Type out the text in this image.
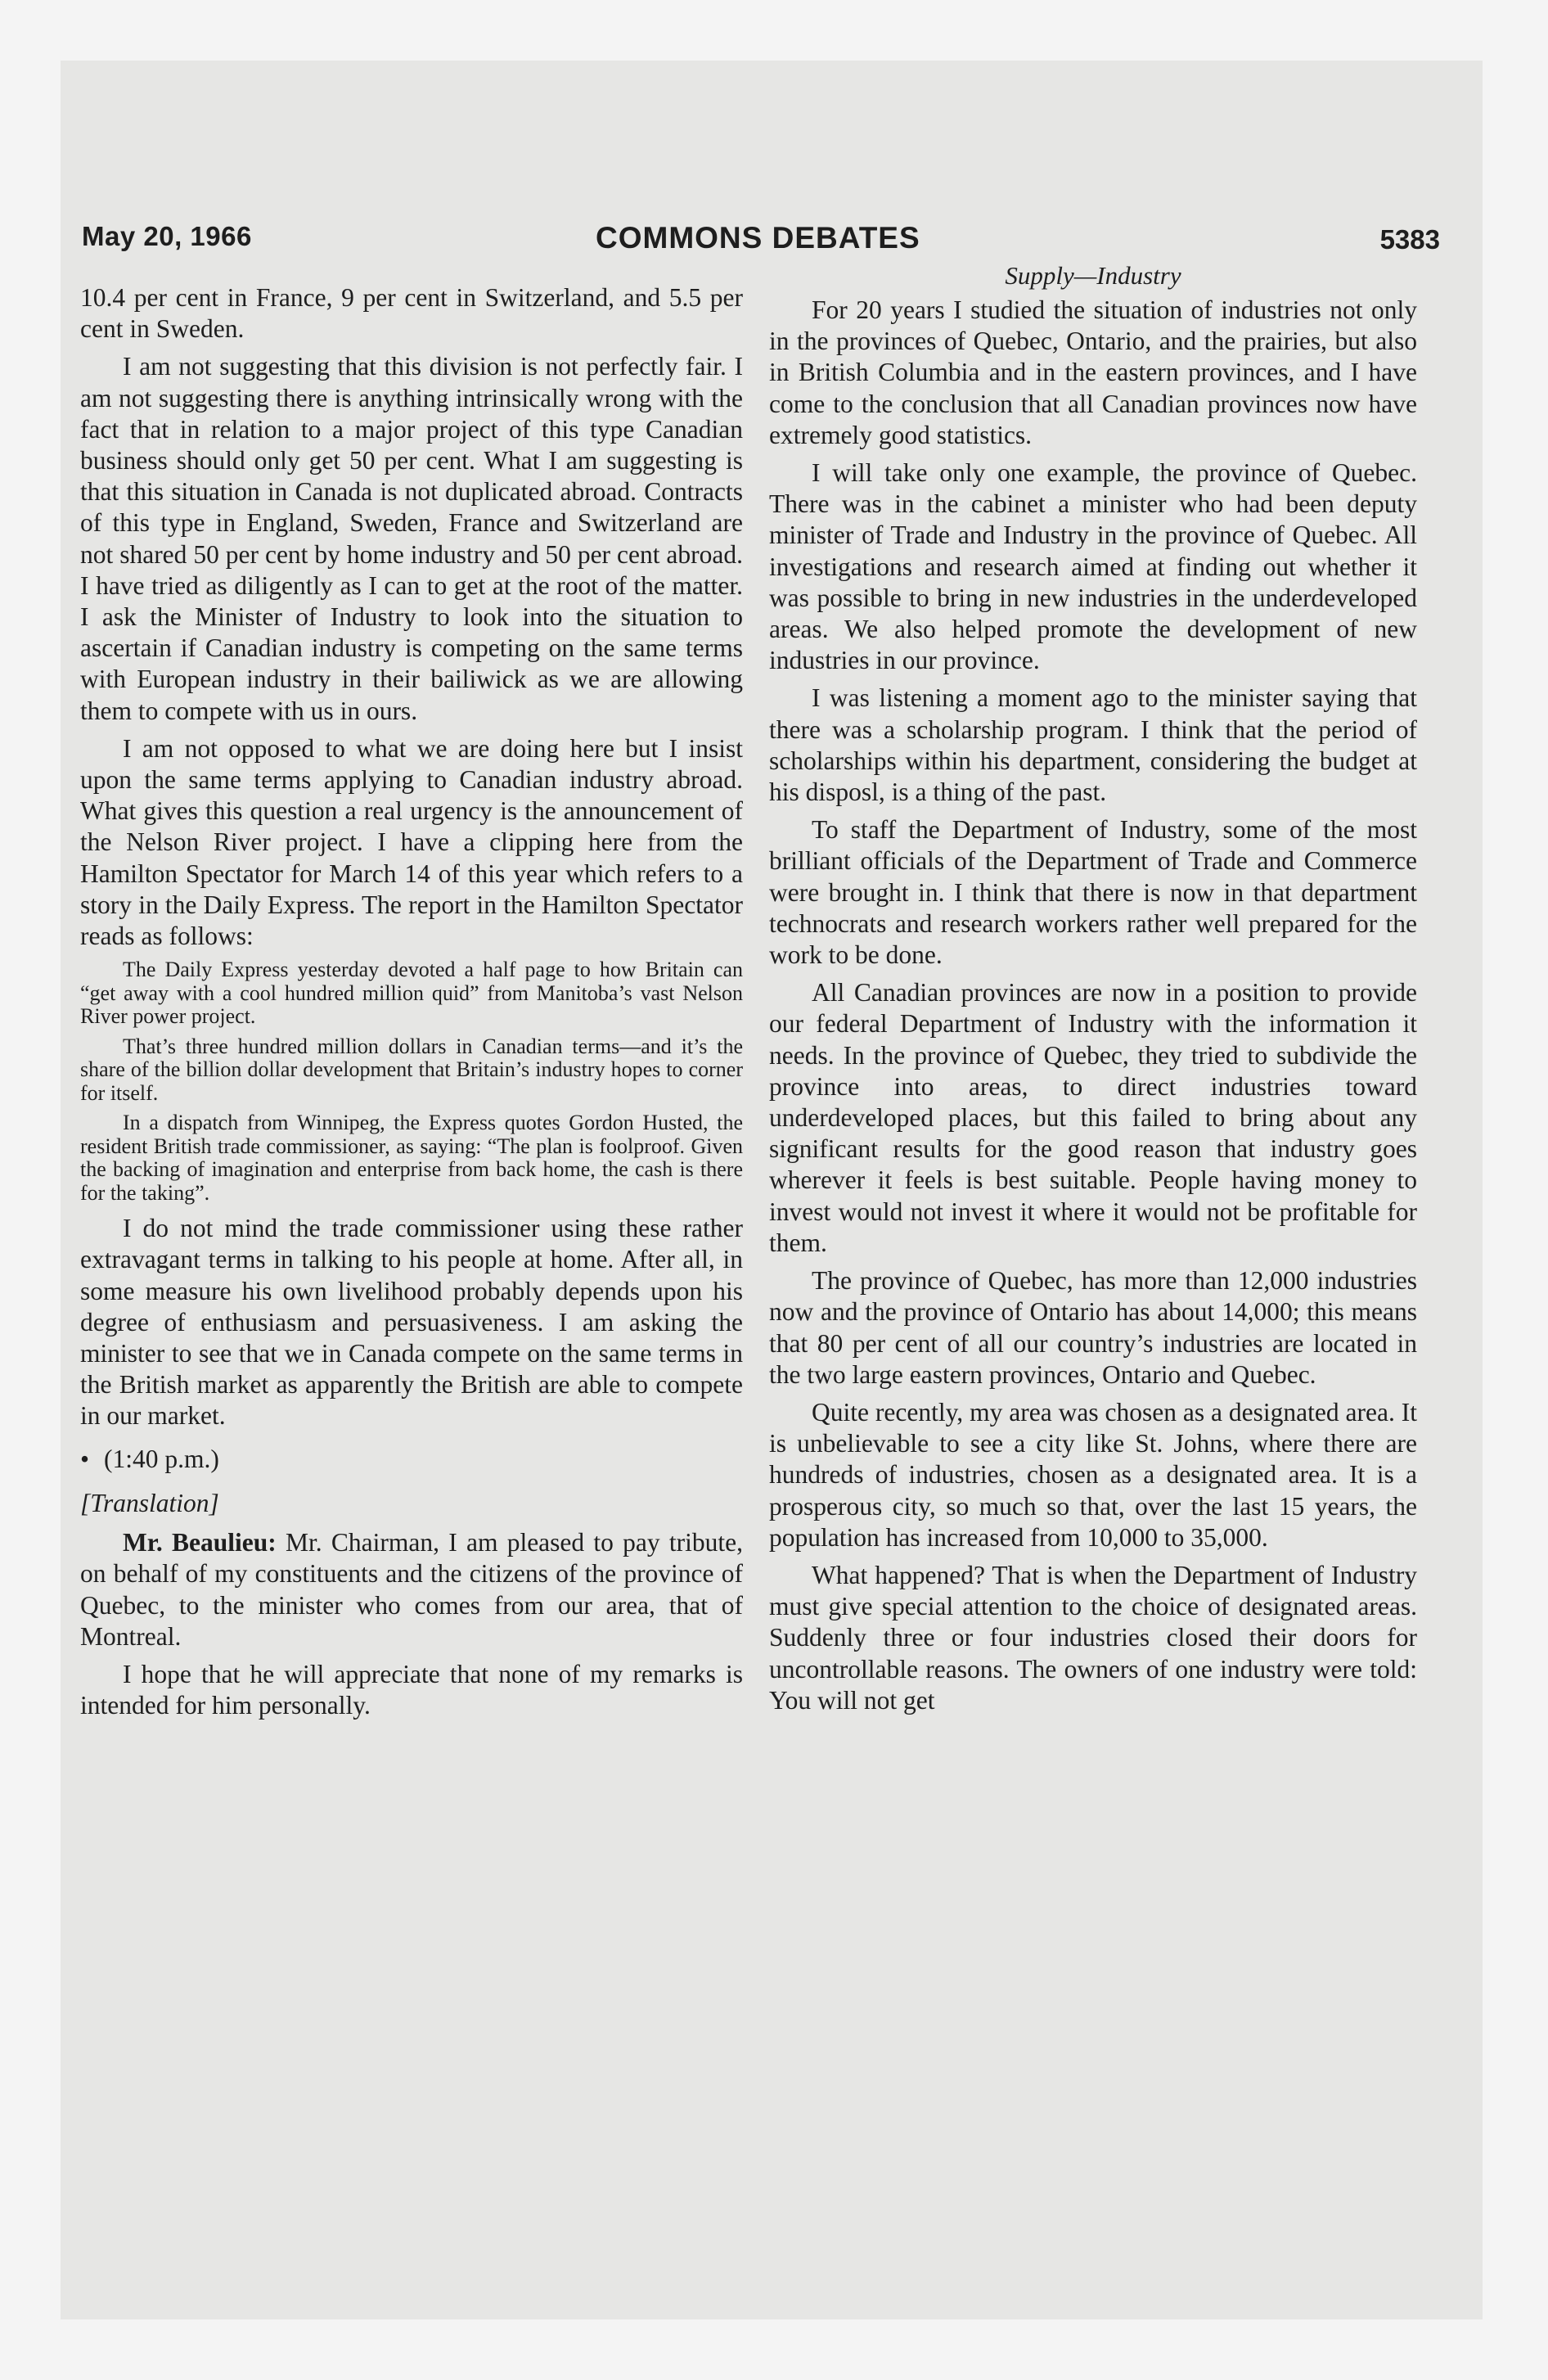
May 20, 1966	COMMONS DEBATES	5383

10.4 per cent in France, 9 per cent in Switzerland, and 5.5 per cent in Sweden.

I am not suggesting that this division is not perfectly fair. I am not suggesting there is anything intrinsically wrong with the fact that in relation to a major project of this type Canadian business should only get 50 per cent. What I am suggesting is that this situation in Canada is not duplicated abroad. Contracts of this type in England, Sweden, France and Switzerland are not shared 50 per cent by home industry and 50 per cent abroad. I have tried as diligently as I can to get at the root of the matter. I ask the Minister of Industry to look into the situation to ascertain if Canadian industry is competing on the same terms with European industry in their bailiwick as we are allowing them to compete with us in ours.

I am not opposed to what we are doing here but I insist upon the same terms applying to Canadian industry abroad. What gives this question a real urgency is the announcement of the Nelson River project. I have a clipping here from the Hamilton Spectator for March 14 of this year which refers to a story in the Daily Express. The report in the Hamilton Spectator reads as follows:

The Daily Express yesterday devoted a half page to how Britain can “get away with a cool hundred million quid” from Manitoba’s vast Nelson River power project.

That’s three hundred million dollars in Canadian terms—and it’s the share of the billion dollar development that Britain’s industry hopes to corner for itself.

In a dispatch from Winnipeg, the Express quotes Gordon Husted, the resident British trade commissioner, as saying: “The plan is foolproof. Given the backing of imagination and enterprise from back home, the cash is there for the taking”.

I do not mind the trade commissioner using these rather extravagant terms in talking to his people at home. After all, in some measure his own livelihood probably depends upon his degree of enthusiasm and persuasiveness. I am asking the minister to see that we in Canada compete on the same terms in the British market as apparently the British are able to compete in our market.

• (1:40 p.m.)

[Translation]

Mr. Beaulieu: Mr. Chairman, I am pleased to pay tribute, on behalf of my constituents and the citizens of the province of Quebec, to the minister who comes from our area, that of Montreal.

I hope that he will appreciate that none of my remarks is intended for him personally.

Supply—Industry

For 20 years I studied the situation of industries not only in the provinces of Quebec, Ontario, and the prairies, but also in British Columbia and in the eastern provinces, and I have come to the conclusion that all Canadian provinces now have extremely good statistics.

I will take only one example, the province of Quebec. There was in the cabinet a minister who had been deputy minister of Trade and Industry in the province of Quebec. All investigations and research aimed at finding out whether it was possible to bring in new industries in the underdeveloped areas. We also helped promote the development of new industries in our province.

I was listening a moment ago to the minister saying that there was a scholarship program. I think that the period of scholarships within his department, considering the budget at his disposl, is a thing of the past.

To staff the Department of Industry, some of the most brilliant officials of the Department of Trade and Commerce were brought in. I think that there is now in that department technocrats and research workers rather well prepared for the work to be done.

All Canadian provinces are now in a position to provide our federal Department of Industry with the information it needs. In the province of Quebec, they tried to subdivide the province into areas, to direct industries toward underdeveloped places, but this failed to bring about any significant results for the good reason that industry goes wherever it feels is best suitable. People having money to invest would not invest it where it would not be profitable for them.

The province of Quebec, has more than 12,000 industries now and the province of Ontario has about 14,000; this means that 80 per cent of all our country’s industries are located in the two large eastern provinces, Ontario and Quebec.

Quite recently, my area was chosen as a designated area. It is unbelievable to see a city like St. Johns, where there are hundreds of industries, chosen as a designated area. It is a prosperous city, so much so that, over the last 15 years, the population has increased from 10,000 to 35,000.

What happened? That is when the Department of Industry must give special attention to the choice of designated areas. Suddenly three or four industries closed their doors for uncontrollable reasons. The owners of one industry were told: You will not get
